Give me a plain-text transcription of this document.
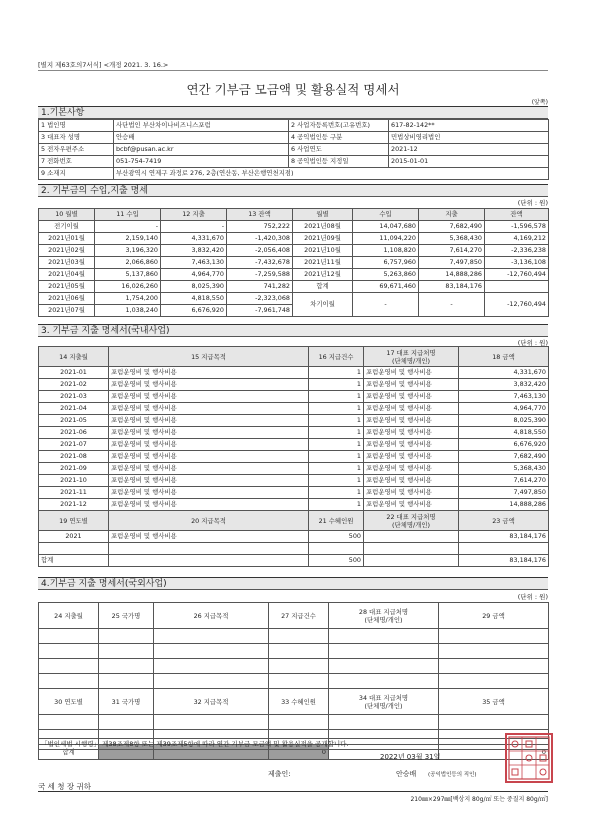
[별지 제63호의7서식] <개정 2021. 3. 16.>
연간 기부금 모금액 및 활용실적 명세서
(앞쪽)
1.기본사항
1 법인명	사단법인 부산차이나비즈니스포럼	2 사업자등록번호(고유번호)	617-82-142**
3 대표자 성명	안승배	4 공익법인등 구분	민법상비영리법인
5 전자우편주소	bcbf@pusan.ac.kr	6 사업연도	2021-12
7 전화번호	051-754-7419	8 공익법인등 지정일	2015-01-01
9 소재지	부산광역시 연제구 과정로 276, 2층(연산동, 부산은행연천지점)		
2. 기부금의 수입,지출 명세
(단위 : 원)
10 월별	11 수입	12 지출	13 잔액	월별	수입	지출	잔액
전기이월	-	-	752,222	2021년08월	14,047,680	7,682,490	-1,596,578
2021년01월	2,159,140	4,331,670	-1,420,308	2021년09월	11,094,220	5,368,430	4,169,212
2021년02월	3,196,320	3,832,420	-2,056,408	2021년10월	1,108,820	7,614,270	-2,336,238
2021년03월	2,066,860	7,463,130	-7,432,678	2021년11월	6,757,960	7,497,850	-3,136,108
2021년04월	5,137,860	4,964,770	-7,259,588	2021년12월	5,263,860	14,888,286	-12,760,494
2021년05월	16,026,260	8,025,390	741,282	합계	69,671,460	83,184,176	
2021년06월	1,754,200	4,818,550	-2,323,068	차기이월	-	-	-12,760,494
2021년07월	1,038,240	6,676,920	-7,961,748				
3. 기부금 지출 명세서(국내사업)
(단위 : 원)
14 지출월	15 지급목적	16 지급건수	17 대표 지급처명
(단체명/개인)	18 금액
2021-01	포럼운영비 및 행사비용	1	포럼운영비 및 행사비용	4,331,670
2021-02	포럼운영비 및 행사비용	1	포럼운영비 및 행사비용	3,832,420
2021-03	포럼운영비 및 행사비용	1	포럼운영비 및 행사비용	7,463,130
2021-04	포럼운영비 및 행사비용	1	포럼운영비 및 행사비용	4,964,770
2021-05	포럼운영비 및 행사비용	1	포럼운영비 및 행사비용	8,025,390
2021-06	포럼운영비 및 행사비용	1	포럼운영비 및 행사비용	4,818,550
2021-07	포럼운영비 및 행사비용	1	포럼운영비 및 행사비용	6,676,920
2021-08	포럼운영비 및 행사비용	1	포럼운영비 및 행사비용	7,682,490
2021-09	포럼운영비 및 행사비용	1	포럼운영비 및 행사비용	5,368,430
2021-10	포럼운영비 및 행사비용	1	포럼운영비 및 행사비용	7,614,270
2021-11	포럼운영비 및 행사비용	1	포럼운영비 및 행사비용	7,497,850
2021-12	포럼운영비 및 행사비용	1	포럼운영비 및 행사비용	14,888,286
19 연도별	20 지급목적	21 수혜인원	22 대표 지급처명
(단체명/개인)	23 금액
2021	포럼운영비 및 행사비용	500		83,184,176

합계		500		83,184,176
4.기부금 지출 명세서(국외사업)
(단위 : 원)
24 지출월	25 국가명	26 지급목적	27 지급건수	28 대표 지급처명
(단체명/개인)	29 금액

30 연도별	31 국가명	32 지급목적	33 수혜인원	34 대표 지급처명
(단체명/개인)	35 금액

합계			0		0
「법인세법 시행령」 제38조제8항 또는 제39조제5항에 따라 연간 기부금 모금액 및 활용실적을 공개합니다.
2022년 03월 31일
제출인:	안승배 (공익법인등의 직인)
국 세 청 장 귀하
210㎜×297㎜[백상지 80g/㎡ 또는 중질지 80g/㎡]
